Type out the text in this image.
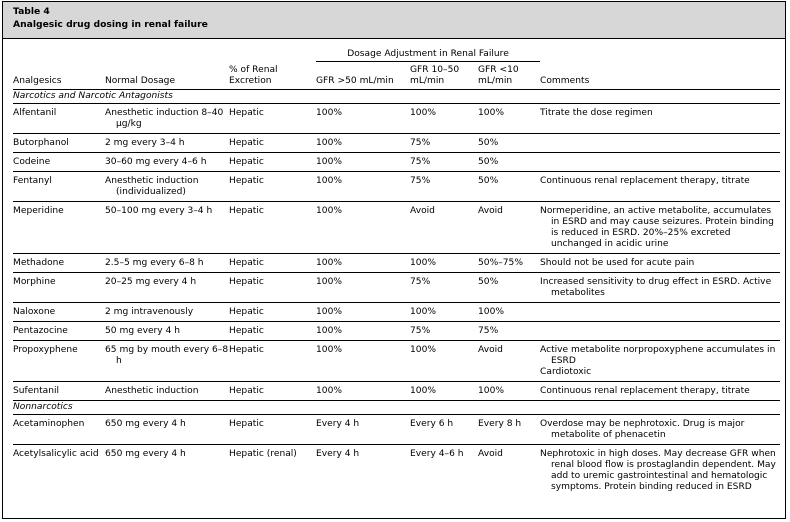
Table 4
Analgesic drug dosing in renal failure
			Dosage Adjustment in Renal Failure			
Analgesics	Normal Dosage	% of Renal Excretion	GFR >50 mL/min	GFR 10–50 mL/min	GFR <10 mL/min	Comments
Narcotics and Narcotic Antagonists						

Alfentanil	Anesthetic induction 8–40 µg/kg	Hepatic	100%	100%	100%	Titrate the dose regimen

Butorphanol	2 mg every 3–4 h	Hepatic	100%	75%	50%	

Codeine	30–60 mg every 4–6 h	Hepatic	100%	75%	50%	

Fentanyl	Anesthetic induction (individualized)	Hepatic	100%	75%	50%	Continuous renal replacement therapy, titrate

Meperidine	50–100 mg every 3–4 h	Hepatic	100%	Avoid	Avoid	Normeperidine, an active metabolite, accumulates in ESRD and may cause seizures. Protein binding is reduced in ESRD. 20%–25% excreted unchanged in acidic urine

Methadone	2.5–5 mg every 6–8 h	Hepatic	100%	100%	50%–75%	Should not be used for acute pain

Morphine	20–25 mg every 4 h	Hepatic	100%	75%	50%	Increased sensitivity to drug effect in ESRD. Active metabolites

Naloxone	2 mg intravenously	Hepatic	100%	100%	100%	

Pentazocine	50 mg every 4 h	Hepatic	100%	75%	75%	

Propoxyphene	65 mg by mouth every 6–8 h	Hepatic	100%	100%	Avoid	Active metabolite norpropoxyphene accumulates in ESRD
Cardiotoxic

Sufentanil	Anesthetic induction	Hepatic	100%	100%	100%	Continuous renal replacement therapy, titrate

Nonnarcotics						

Acetaminophen	650 mg every 4 h	Hepatic	Every 4 h	Every 6 h	Every 8 h	Overdose may be nephrotoxic. Drug is major metabolite of phenacetin

Acetylsalicylic acid	650 mg every 4 h	Hepatic (renal)	Every 4 h	Every 4–6 h	Avoid	Nephrotoxic in high doses. May decrease GFR when renal blood flow is prostaglandin dependent. May add to uremic gastrointestinal and hematologic symptoms. Protein binding reduced in ESRD
